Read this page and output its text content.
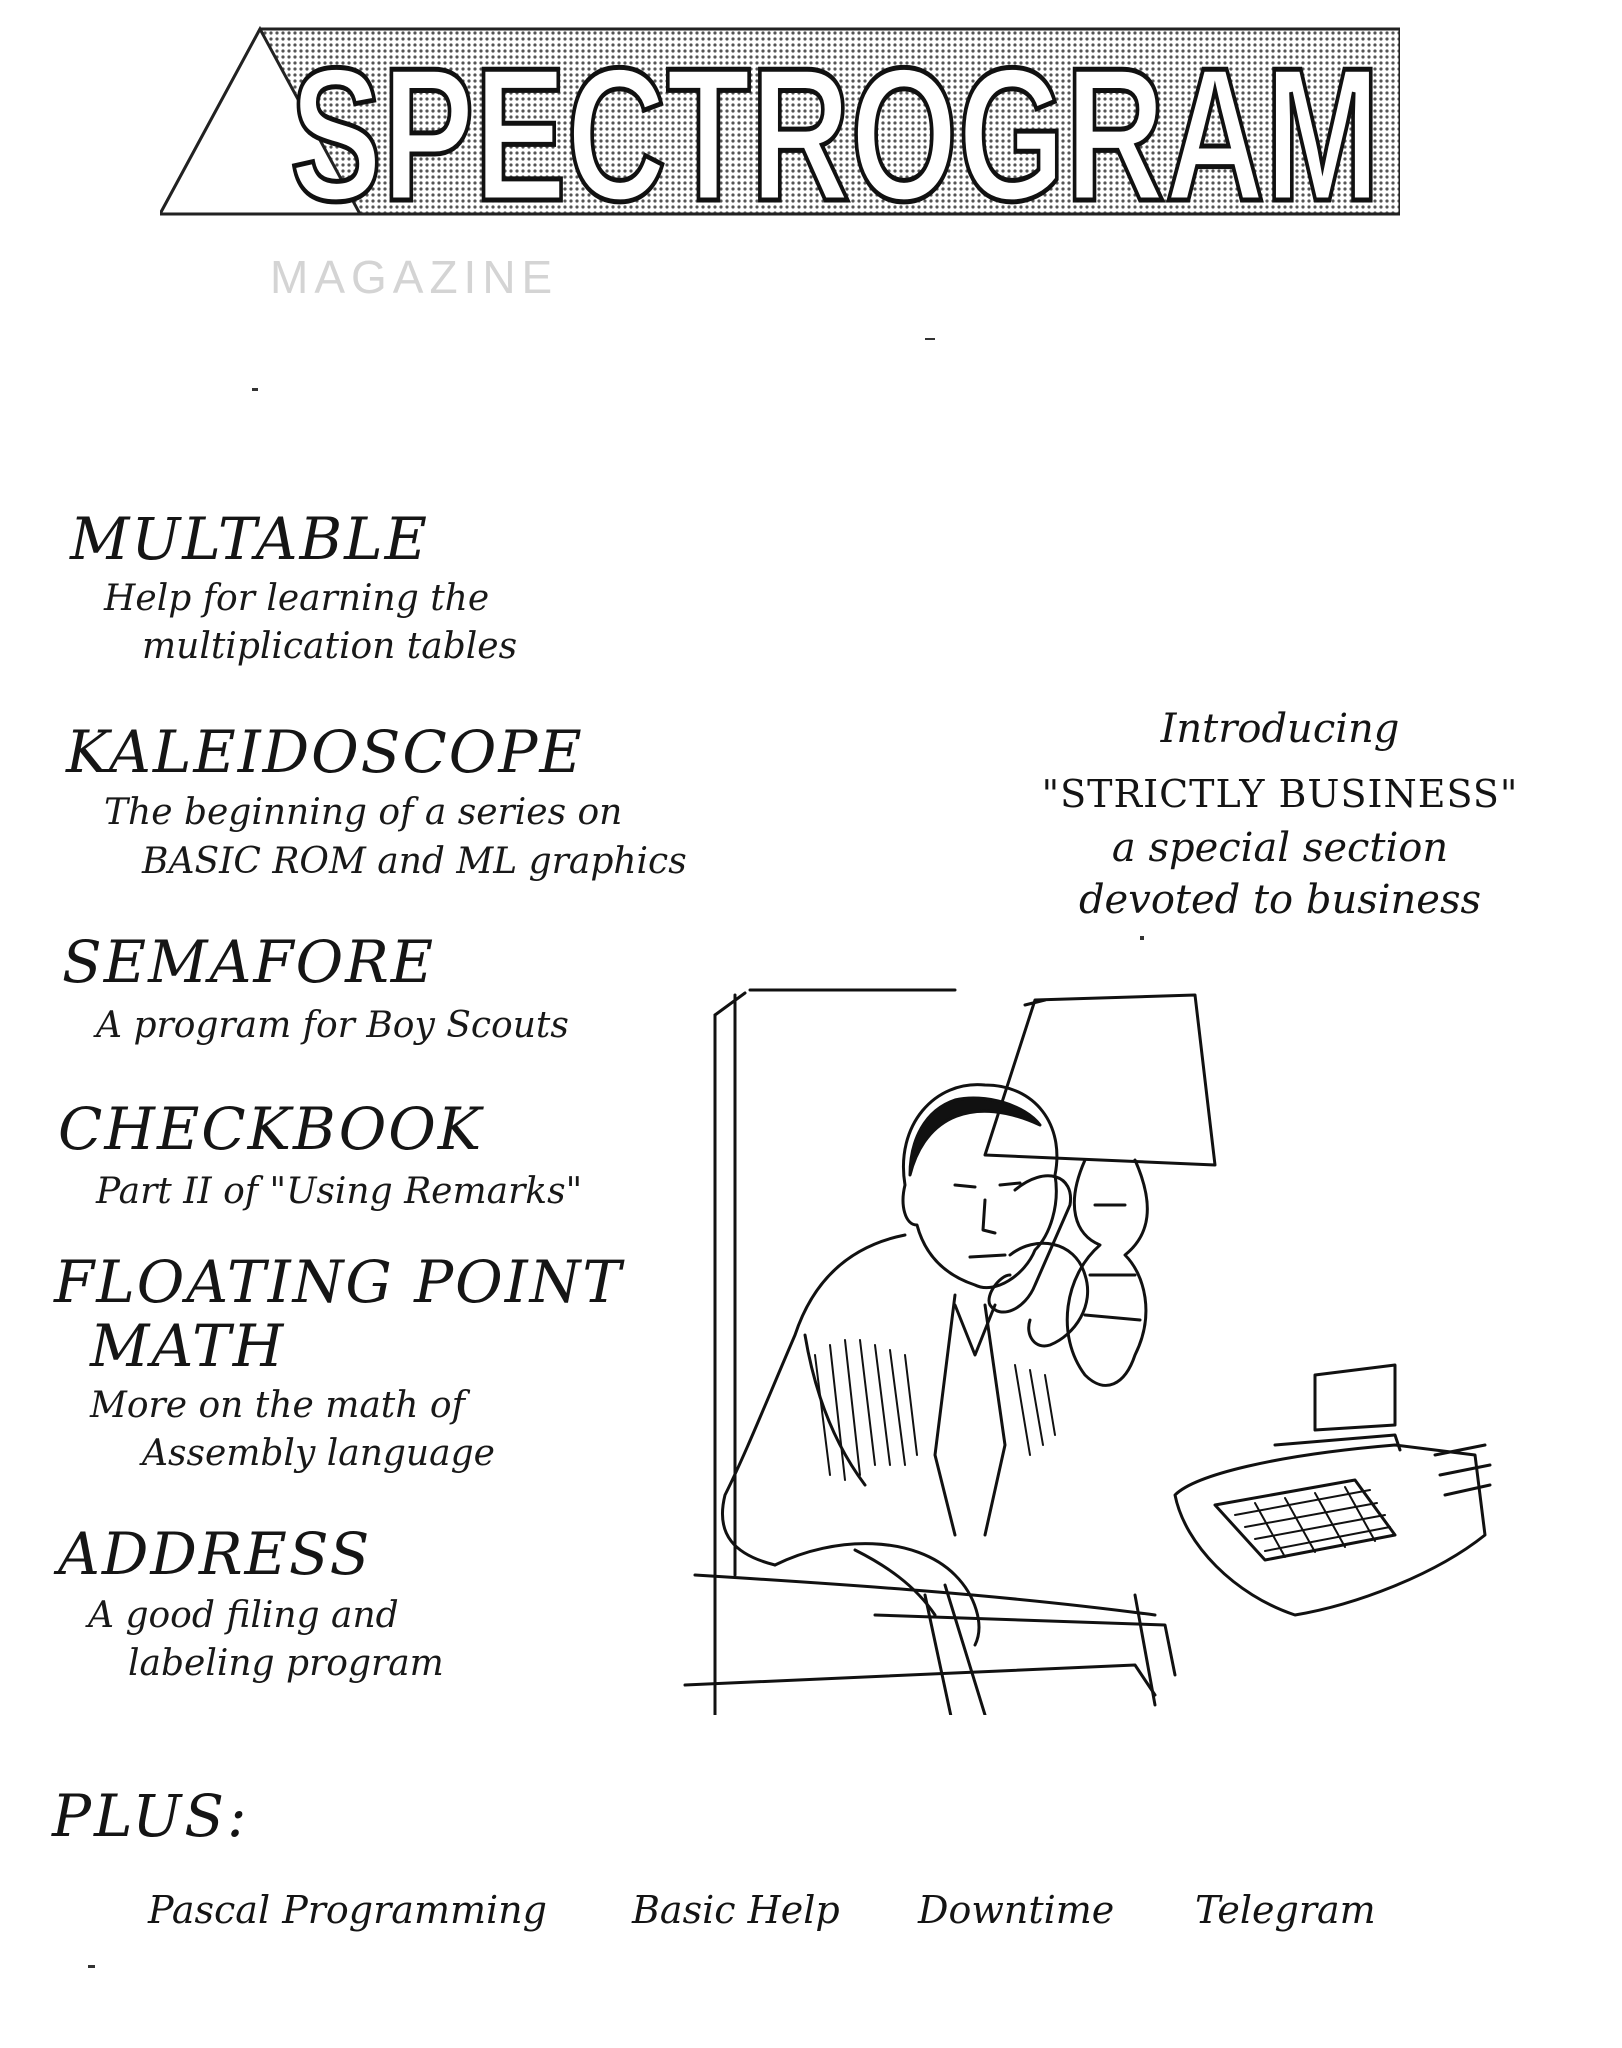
SPECTROGRAM
MAGAZINE
MULTABLE
Help for learning the
multiplication tables
KALEIDOSCOPE
The beginning of a series on
BASIC ROM and ML graphics
SEMAFORE
A program for Boy Scouts
CHECKBOOK
Part II of "Using Remarks"
FLOATING POINT
MATH
More on the math of
Assembly language
ADDRESS
A good filing and
labeling program
Introducing
"STRICTLY BUSINESS"
a special section
devoted to business
PLUS:
Pascal Programming Basic Help Downtime Telegram
